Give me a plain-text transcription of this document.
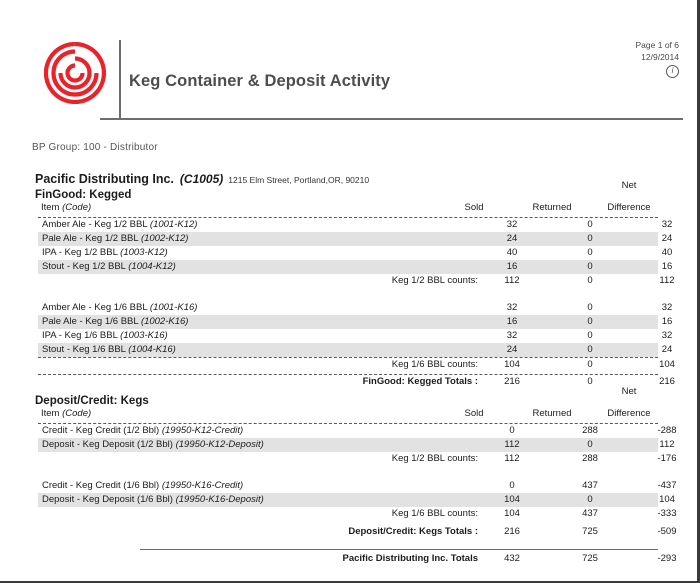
Keg Container & Deposit Activity
Page 1 of 6
12/9/2014
i
BP Group: 100 - Distributor
Pacific Distributing Inc. (C1005) 1215 Elm Street, Portland,OR, 90210
FinGood: Kegged
Net
Item (Code)	Sold	Returned	Difference
Amber Ale - Keg 1/2 BBL (1001-K12)	32	0	32
Pale Ale - Keg 1/2 BBL (1002-K12)	24	0	24
IPA - Keg 1/2 BBL (1003-K12)	40	0	40
Stout - Keg 1/2 BBL (1004-K12)	16	0	16
Keg 1/2 BBL counts:	112	0	112
Amber Ale - Keg 1/6 BBL (1001-K16)	32	0	32
Pale Ale - Keg 1/6 BBL (1002-K16)	16	0	16
IPA - Keg 1/6 BBL (1003-K16)	32	0	32
Stout - Keg 1/6 BBL (1004-K16)	24	0	24
Keg 1/6 BBL counts:	104	0	104
FinGood: Kegged Totals :	216	0	216
Deposit/Credit: Kegs
Net
Item (Code)	Sold	Returned	Difference
Credit - Keg Credit (1/2 Bbl) (19950-K12-Credit)	0	288	-288
Deposit - Keg Deposit (1/2 Bbl) (19950-K12-Deposit)	112	0	112
Keg 1/2 BBL counts:	112	288	-176
Credit - Keg Credit (1/6 Bbl) (19950-K16-Credit)	0	437	-437
Deposit - Keg Deposit (1/6 Bbl) (19950-K16-Deposit)	104	0	104
Keg 1/6 BBL counts:	104	437	-333
Deposit/Credit: Kegs Totals :	216	725	-509
Pacific Distributing Inc. Totals	432	725	-293
